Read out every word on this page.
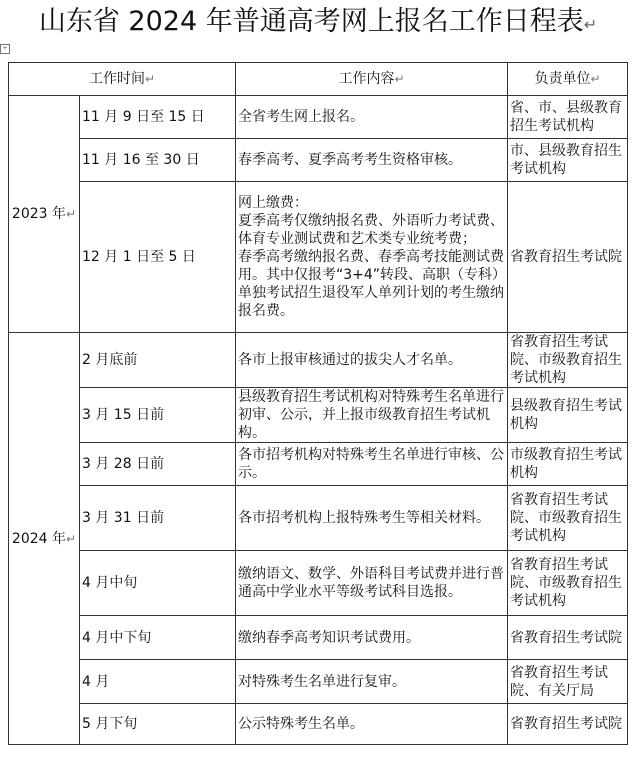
山东省 2024 年普通高考网上报名工作日程表↵
+
工作时间↵		工作内容↵	负责单位↵
2023 年↵	11 月 9 日至 15 日	全省考生网上报名。	省、市、县级教育招生考试机构

	11 月 16 至 30 日	春季高考、夏季高考考生资格审核。	市、县级教育招生考试机构

	12 月 1 日至 5 日	网上缴费：
夏季高考仅缴纳报名费、外语听力考试费、体育专业测试费和艺术类专业统考费；
春季高考缴纳报名费、春季高考技能测试费用。其中仅报考“3+4”转段、高职（专科）单独考试招生退役军人单列计划的考生缴纳报名费。	省教育招生考试院

2024 年↵	2 月底前	各市上报审核通过的拔尖人才名单。	省教育招生考试院、市级教育招生考试机构

	3 月 15 日前	县级教育招生考试机构对特殊考生名单进行初审、公示，并上报市级教育招生考试机构。	县级教育招生考试机构

	3 月 28 日前	各市招考机构对特殊考生名单进行审核、公示。	市级教育招生考试机构

	3 月 31 日前	各市招考机构上报特殊考生等相关材料。	省教育招生考试院、市级教育招生考试机构

	4 月中旬	缴纳语文、数学、外语科目考试费并进行普通高中学业水平等级考试科目选报。	省教育招生考试院、市级教育招生考试机构

	4 月中下旬	缴纳春季高考知识考试费用。	省教育招生考试院

	4 月	对特殊考生名单进行复审。	省教育招生考试院、有关厅局

	5 月下旬	公示特殊考生名单。	省教育招生考试院
